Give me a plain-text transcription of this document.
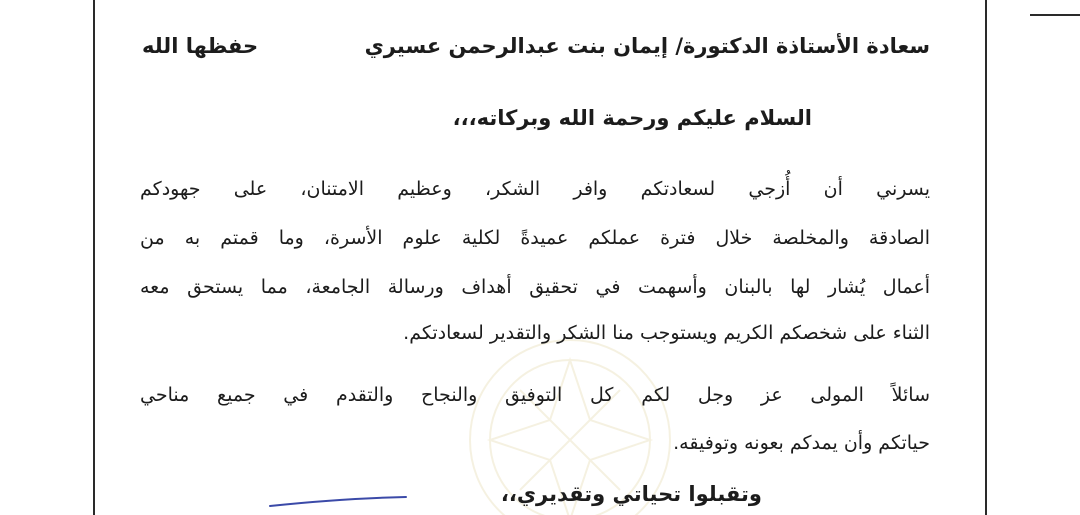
سعادة الأستاذة الدكتورة/ إيمان بنت عبدالرحمن عسيري
حفظها الله
السلام عليكم ورحمة الله وبركاته،،،
يسرني أن أُزجي لسعادتكم وافر الشكر، وعظيم الامتنان، على جهودكم
الصادقة والمخلصة خلال فترة عملكم عميدةً لكلية علوم الأسرة، وما قمتم به من
أعمال يُشار لها بالبنان وأسهمت في تحقيق أهداف ورسالة الجامعة، مما يستحق معه
الثناء على شخصكم الكريم ويستوجب منا الشكر والتقدير لسعادتكم.
سائلاً المولى عز وجل لكم كل التوفيق والنجاح والتقدم في جميع مناحي
حياتكم وأن يمدكم بعونه وتوفيقه.
وتقبلوا تحياتي وتقديري،،
